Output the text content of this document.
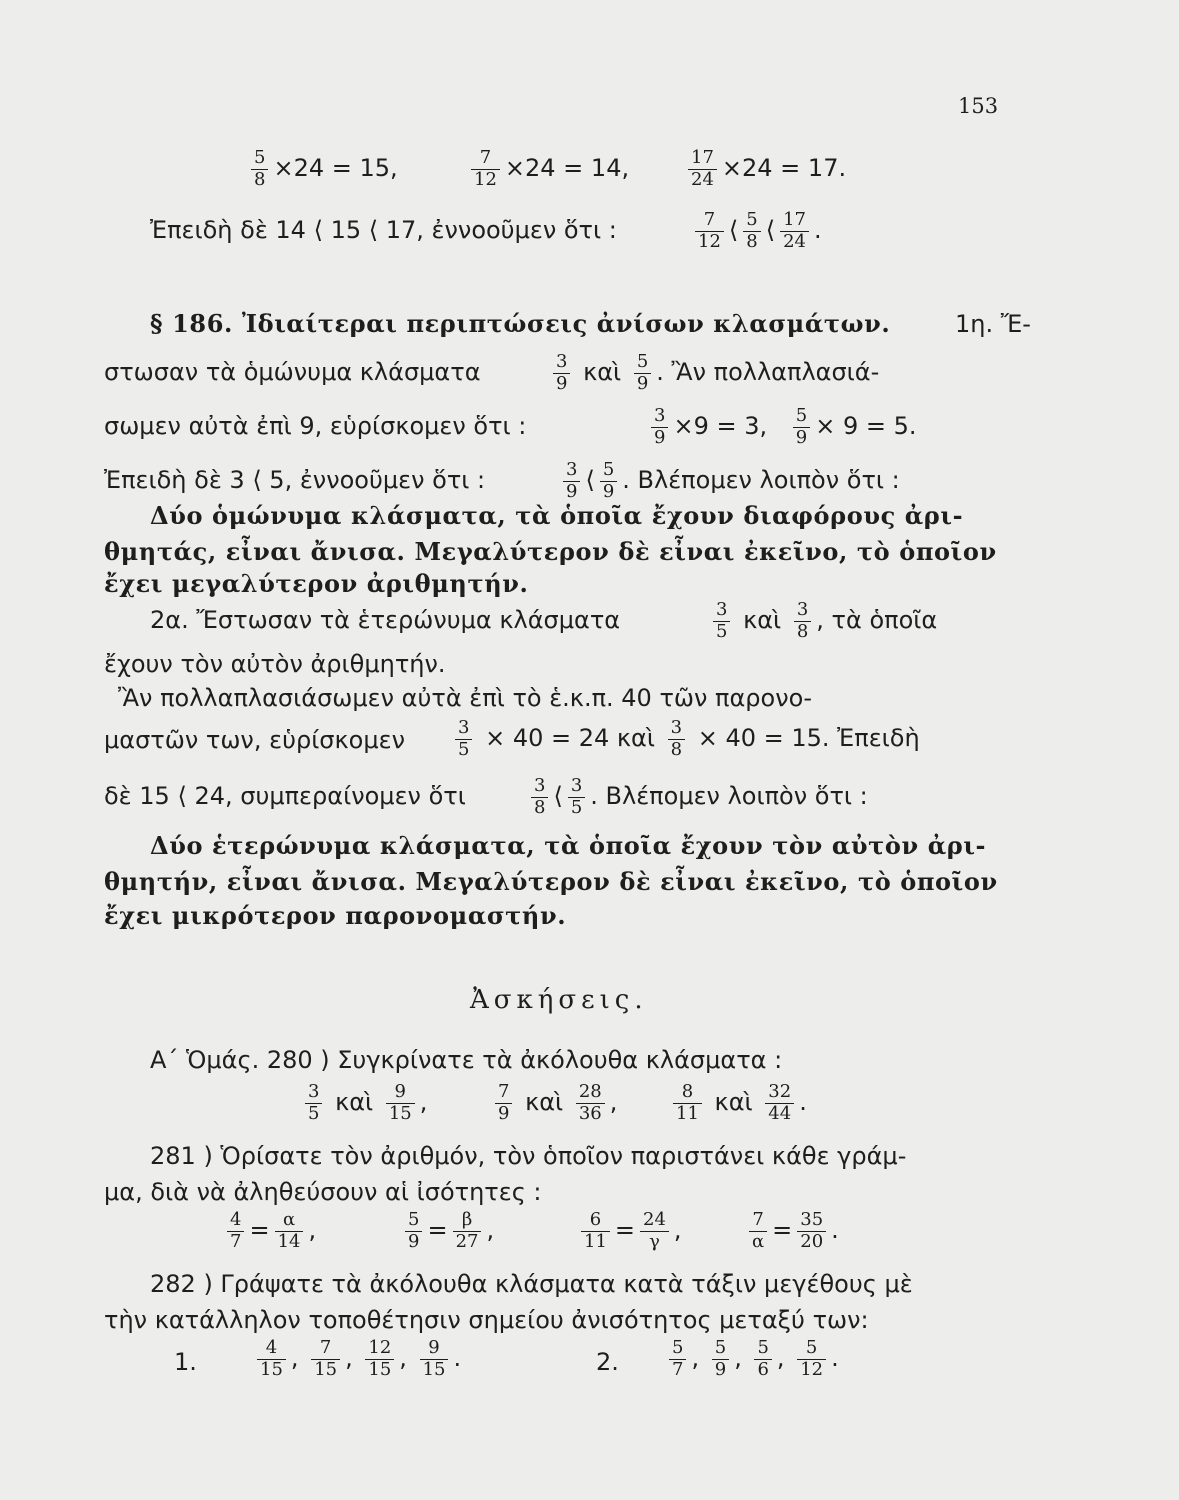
153
$\frac{5}{8} \times 24 = 15$,	$\frac{7}{12} \times 24 = 14$,	$\frac{17}{24} \times 24 = 17$.
Ἐπειδὴ δὲ 14 ⟨ 15 ⟨ 17, ἐννοοῦμεν ὅτι :	$\frac{7}{12}$ ⟨ $\frac{5}{8}$ ⟨ $\frac{17}{24}$ .
§ 186. Ἰδιαίτεραι περιπτώσεις ἀνίσων κλασμάτων.	1η. Ἔ-
στωσαν τὰ ὁμώνυμα κλάσματα	$\frac{3}{9}$ καὶ $\frac{5}{9}$ . Ἂν πολλαπλασιά-
σωμεν αὐτὰ ἐπὶ 9, εὑρίσκομεν ὅτι :	$\frac{3}{9} \times 9 = 3$, $\frac{5}{9} \times 9 = 5$.
Ἐπειδὴ δὲ 3 ⟨ 5, ἐννοοῦμεν ὅτι :	$\frac{3}{9}$ ⟨ $\frac{5}{9}$ . Βλέπομεν λοιπὸν ὅτι :
Δύο ὁμώνυμα κλάσματα, τὰ ὁποῖα ἔχουν διαφόρους ἀρι-
θμητάς, εἶναι ἄνισα. Μεγαλύτερον δὲ εἶναι ἐκεῖνο, τὸ ὁποῖον
ἔχει μεγαλύτερον ἀριθμητήν.
2α. Ἔστωσαν τὰ ἑτερώνυμα κλάσματα	$\frac{3}{5}$ καὶ $\frac{3}{8}$ , τὰ ὁποῖα
ἔχουν τὸν αὐτὸν ἀριθμητήν.
Ἂν πολλαπλασιάσωμεν αὐτὰ ἐπὶ τὸ ἑ.κ.π. 40 τῶν παρονο-
μαστῶν των, εὑρίσκομεν	$\frac{3}{5} \times 40 = 24$ καὶ $\frac{3}{8} \times 40 = 15$. Ἐπειδὴ
δὲ 15 ⟨ 24, συμπεραίνομεν ὅτι	$\frac{3}{8}$ ⟨ $\frac{3}{5}$ . Βλέπομεν λοιπὸν ὅτι :
Δύο ἑτερώνυμα κλάσματα, τὰ ὁποῖα ἔχουν τὸν αὐτὸν ἀρι-
θμητήν, εἶναι ἄνισα. Μεγαλύτερον δὲ εἶναι ἐκεῖνο, τὸ ὁποῖον
ἔχει μικρότερον παρονομαστήν.
Ἀσκήσεις.
Α΄ Ὁμάς. 280 ) Συγκρίνατε τὰ ἀκόλουθα κλάσματα :
$\frac{3}{5}$ καὶ $\frac{9}{15}$ ,	$\frac{7}{9}$ καὶ $\frac{28}{36}$ ,	$\frac{8}{11}$ καὶ $\frac{32}{44}$ .
281 ) Ὁρίσατε τὸν ἀριθμόν, τὸν ὁποῖον παριστάνει κάθε γράμ-
μα, διὰ νὰ ἀληθεύσουν αἱ ἰσότητες :
$\frac{4}{7} = \frac{\alpha}{14}$ ,	$\frac{5}{9} = \frac{\beta}{27}$ ,	$\frac{6}{11} = \frac{24}{\gamma}$ ,	$\frac{7}{\alpha} = \frac{35}{20}$ .
282 ) Γράψατε τὰ ἀκόλουθα κλάσματα κατὰ τάξιν μεγέθους μὲ
τὴν κατάλληλον τοποθέτησιν σημείου ἀνισότητος μεταξύ των:
1.	$\frac{4}{15}$ , $\frac{7}{15}$ , $\frac{12}{15}$ , $\frac{9}{15}$ .	2.	$\frac{5}{7}$ , $\frac{5}{9}$ , $\frac{5}{6}$ , $\frac{5}{12}$ .
